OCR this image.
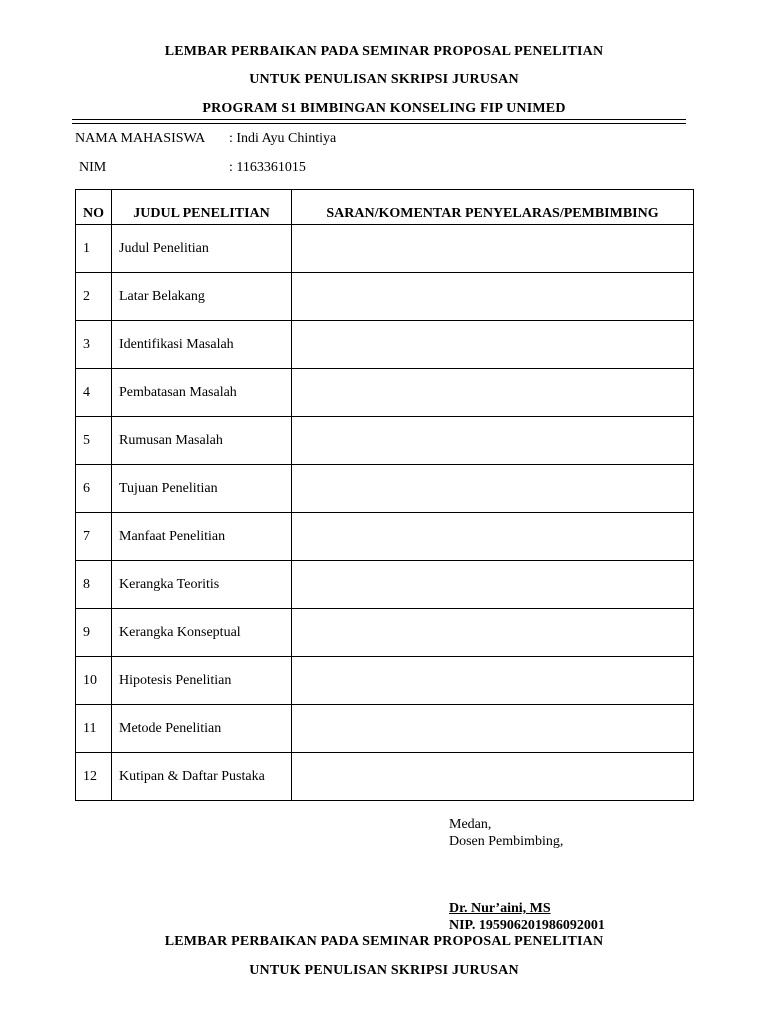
LEMBAR PERBAIKAN PADA SEMINAR PROPOSAL PENELITIAN
UNTUK PENULISAN SKRIPSI JURUSAN
PROGRAM S1 BIMBINGAN KONSELING FIP UNIMED
NAMA MAHASISWA : Indi Ayu Chintiya
NIM	: 1163361015
NO	JUDUL PENELITIAN	SARAN/KOMENTAR PENYELARAS/PEMBIMBING
1	Judul Penelitian	
2	Latar Belakang	
3	Identifikasi Masalah	
4	Pembatasan Masalah	
5	Rumusan Masalah	
6	Tujuan Penelitian	
7	Manfaat Penelitian	
8	Kerangka Teoritis	
9	Kerangka Konseptual	
10	Hipotesis Penelitian	
11	Metode Penelitian	
12	Kutipan & Daftar Pustaka	
Medan,
Dosen Pembimbing,
Dr. Nur’aini, MS
NIP. 195906201986092001
LEMBAR PERBAIKAN PADA SEMINAR PROPOSAL PENELITIAN
UNTUK PENULISAN SKRIPSI JURUSAN
